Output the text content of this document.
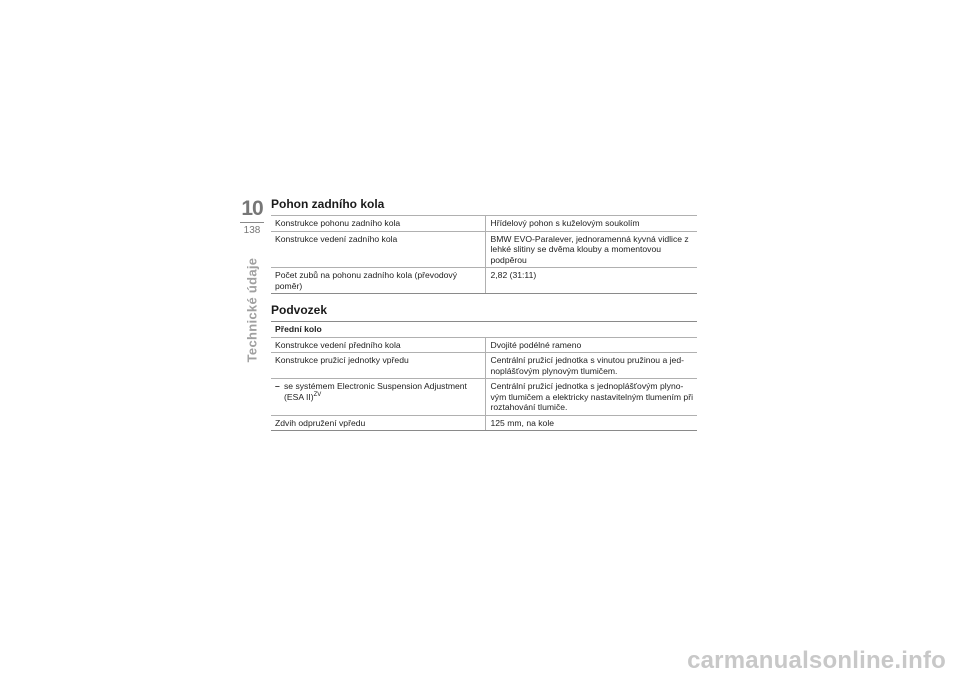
10
138
Technické údaje
Pohon zadního kola
Konstrukce pohonu zadního kola	Hřídelový pohon s kuželovým soukolím
Konstrukce vedení zadního kola	BMW EVO-Paralever, jednoramenná kyvná vidlice z lehké slitiny se dvěma klouby a momentovou podpěrou
Počet zubů na pohonu zadního kola (převodový poměr)	2,82 (31:11)
Podvozek
Přední kolo	
Konstrukce vedení předního kola	Dvojité podélné rameno
Konstrukce pružicí jednotky vpředu	Centrální pružicí jednotka s vinutou pružinou a jed-noplášťovým plynovým tlumičem.

– se systémem Electronic Suspension Adjustment (ESA II)$^{ZV}$	Centrální pružicí jednotka s jednoplášťovým plyno-vým tlumičem a elektricky nastavitelným tlumením při roztahování tlumiče.
Zdvih odpružení vpředu	125 mm, na kole
carmanualsonline.info
